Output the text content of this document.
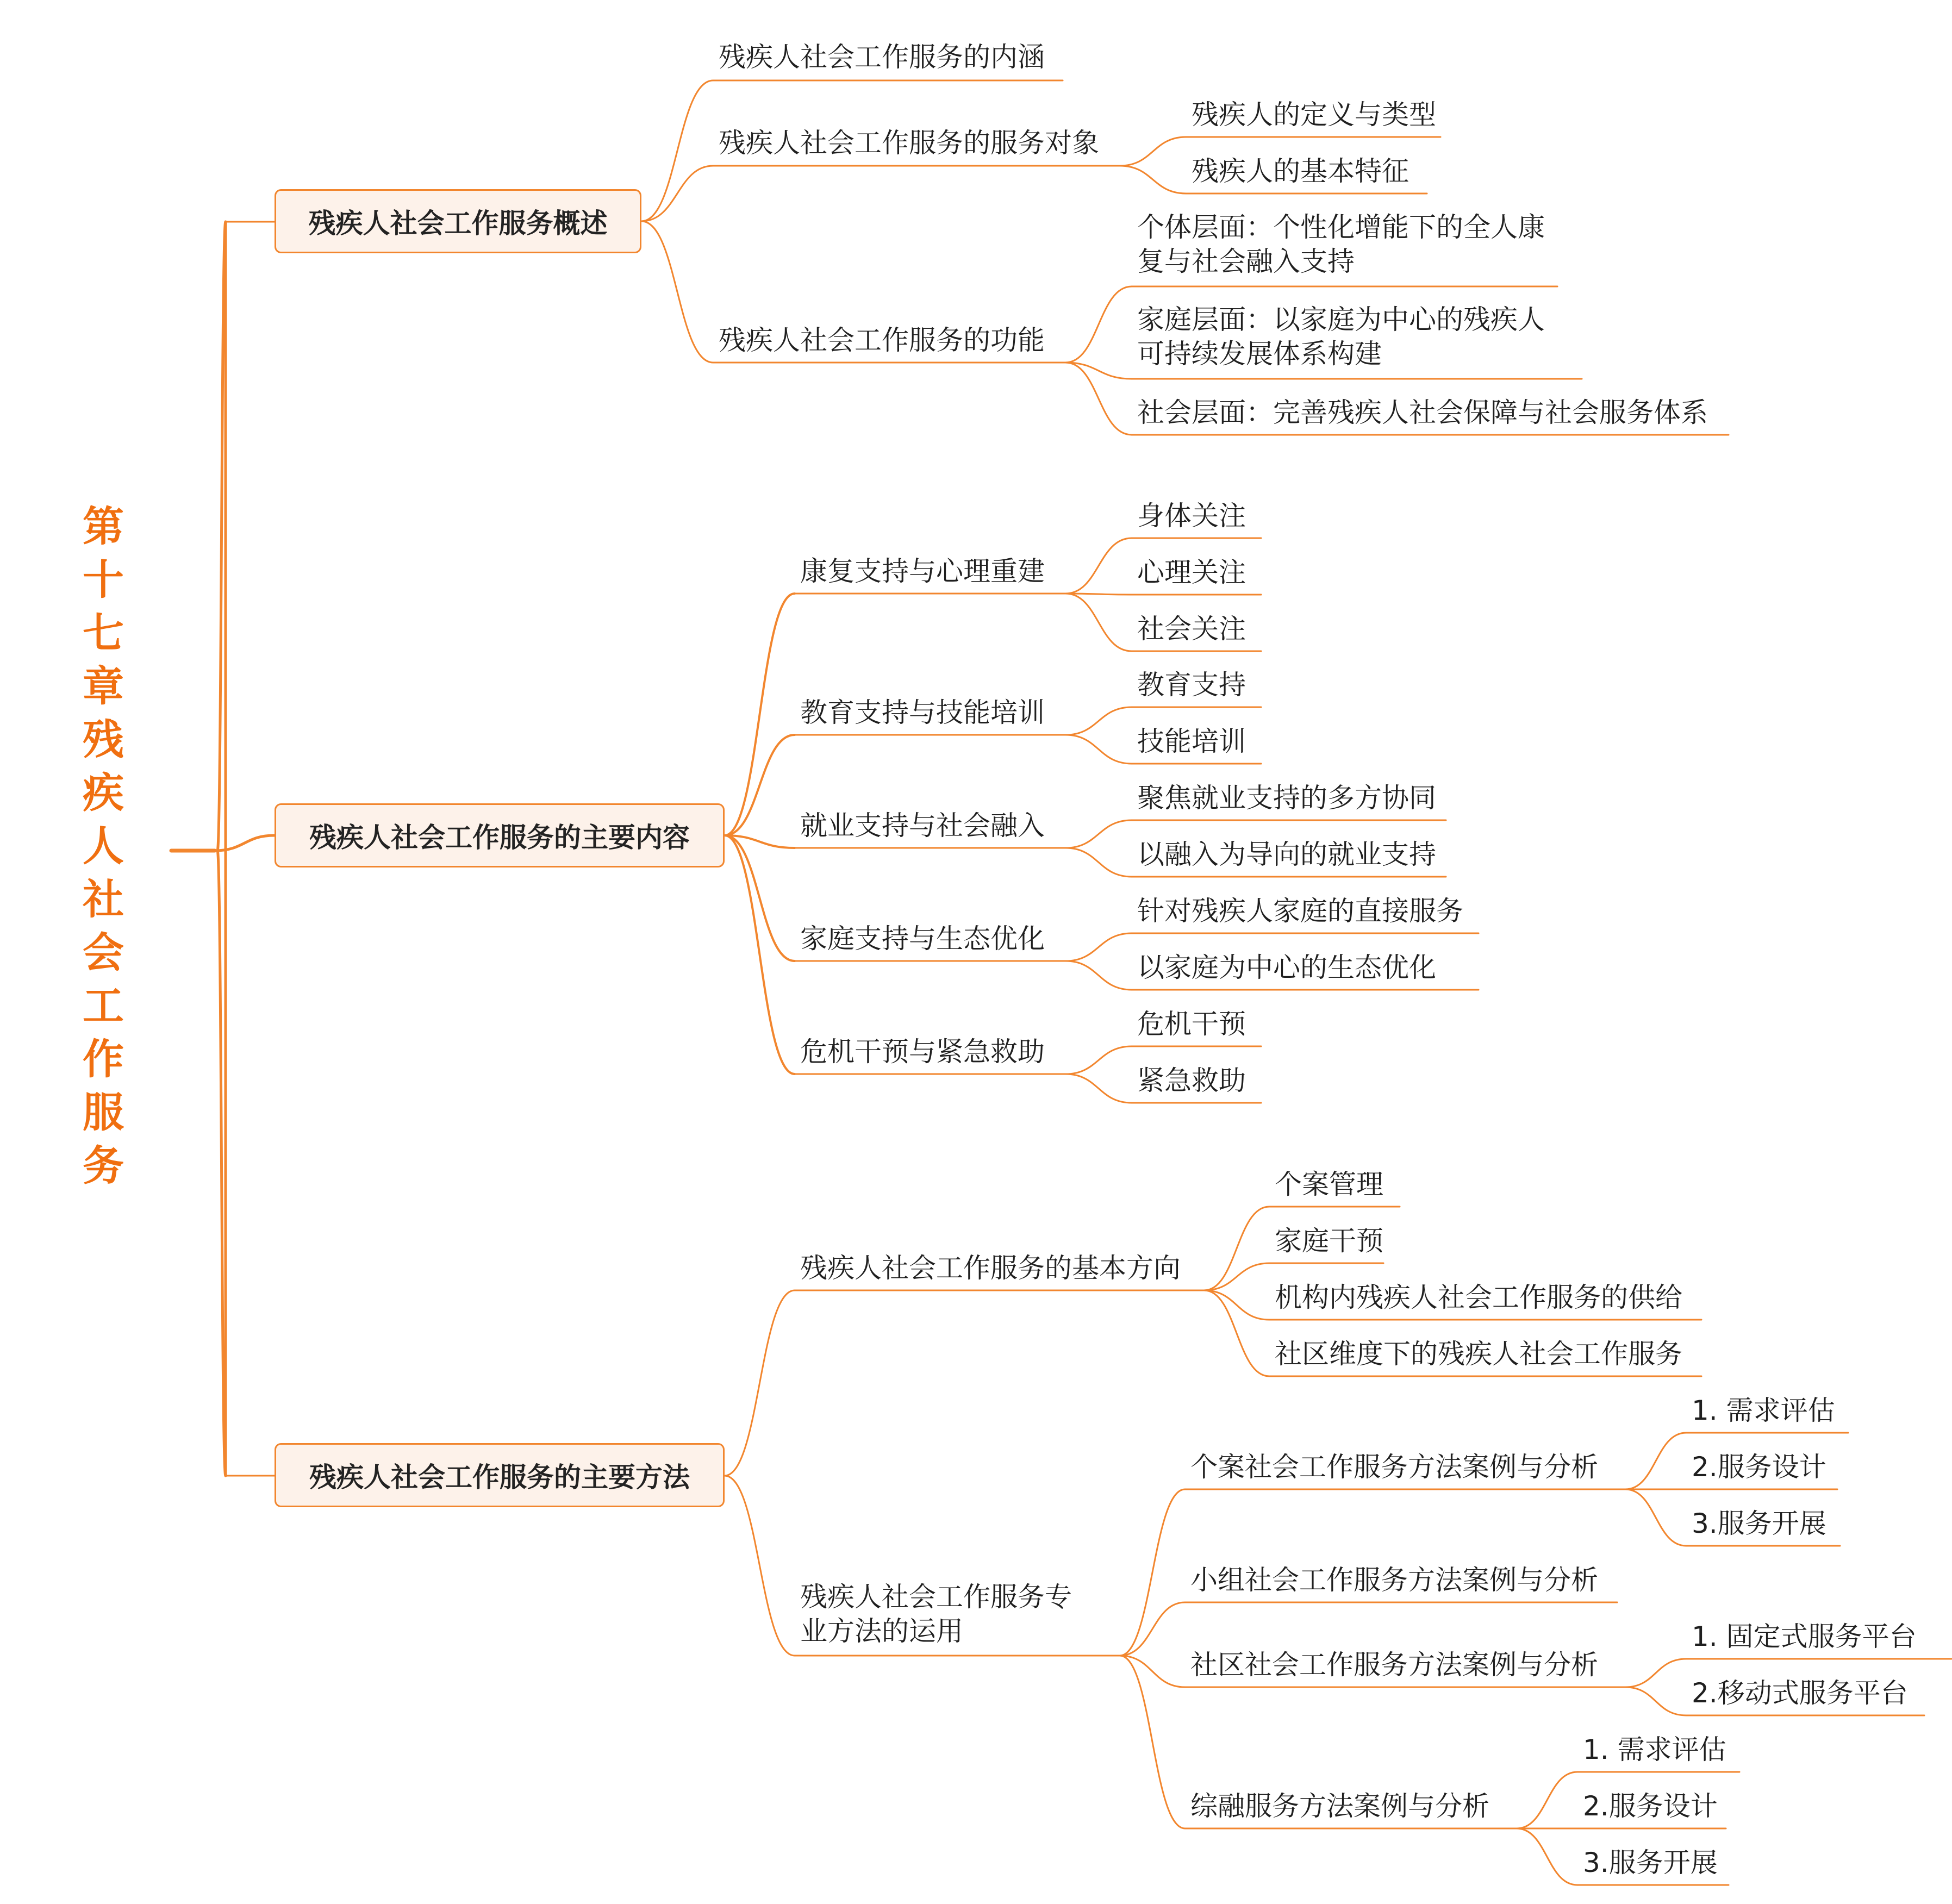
第十七章残疾人社会工作服务
残疾人社会工作服务概述
残疾人社会工作服务的内涵
残疾人社会工作服务的服务对象
残疾人的定义与类型
残疾人的基本特征
残疾人社会工作服务的功能
个体层面：个性化增能下的全人康复与社会融入支持
家庭层面：以家庭为中心的残疾人可持续发展体系构建
社会层面：完善残疾人社会保障与社会服务体系
残疾人社会工作服务的主要内容
康复支持与心理重建
身体关注
心理关注
社会关注
教育支持与技能培训
教育支持
技能培训
就业支持与社会融入
聚焦就业支持的多方协同
以融入为导向的就业支持
家庭支持与生态优化
针对残疾人家庭的直接服务
以家庭为中心的生态优化
危机干预与紧急救助
危机干预
紧急救助
残疾人社会工作服务的主要方法
残疾人社会工作服务的基本方向
个案管理
家庭干预
机构内残疾人社会工作服务的供给
社区维度下的残疾人社会工作服务
残疾人社会工作服务专业方法的运用
个案社会工作服务方法案例与分析
1. 需求评估
2.服务设计
3.服务开展
小组社会工作服务方法案例与分析
社区社会工作服务方法案例与分析
1. 固定式服务平台
2.移动式服务平台
综融服务方法案例与分析
1. 需求评估
2.服务设计
3.服务开展
